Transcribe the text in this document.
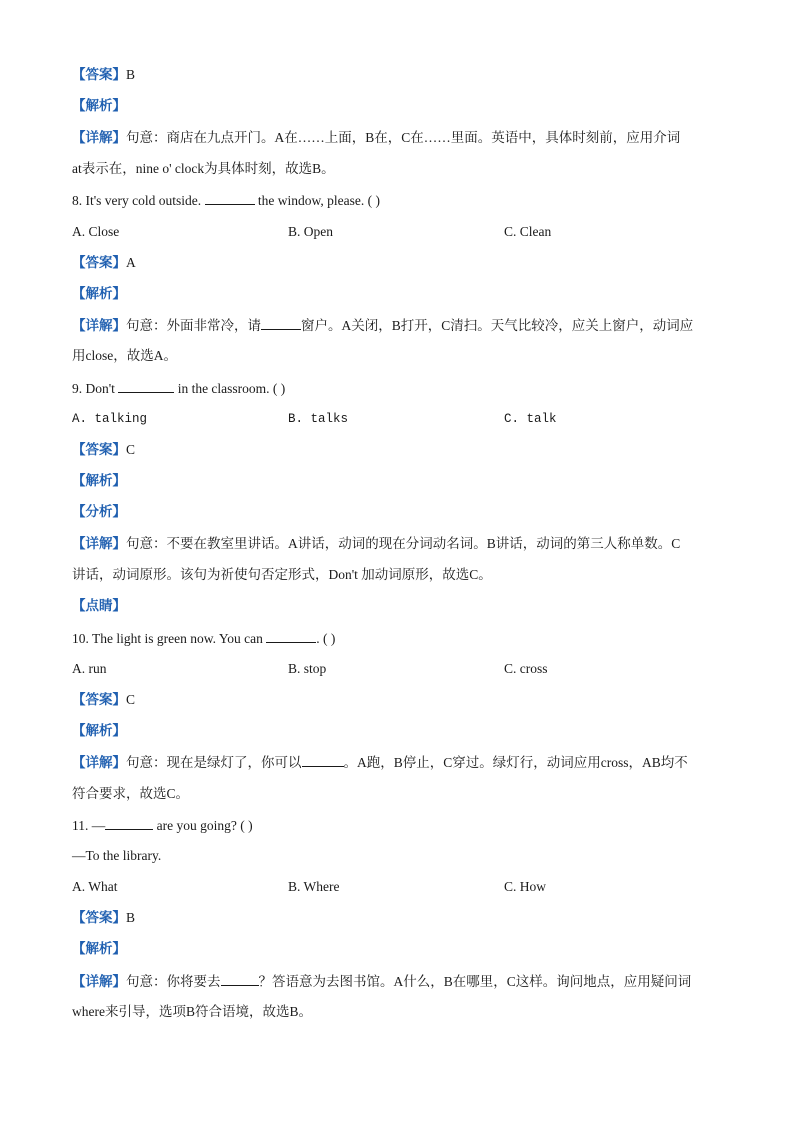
【答案】B
【解析】
【详解】句意：商店在九点开门。A在……上面，B在，C在……里面。英语中，具体时刻前，应用介词
at表示在，nine o' clock为具体时刻，故选B。
8. It's very cold outside.	the window, please. ( )
A. Close	B. Open	C. Clean
【答案】A
【解析】
【详解】句意：外面非常冷，请	窗户。A关闭，B打开，C清扫。天气比较冷，应关上窗户，动词应
用close，故选A。
9. Don't	in the classroom. ( )
A. talking	B. talks	C. talk
【答案】C
【解析】
【分析】
【详解】句意：不要在教室里讲话。A讲话，动词的现在分词动名词。B讲话，动词的第三人称单数。C
讲话，动词原形。该句为祈使句否定形式，Don't 加动词原形，故选C。
【点睛】
10. The light is green now. You can	. ( )
A. run	B. stop	C. cross
【答案】C
【解析】
【详解】句意：现在是绿灯了，你可以	。A跑，B停止，C穿过。绿灯行，动词应用cross，AB均不
符合要求，故选C。
11. —	are you going? ( )
—To the library.
A. What	B. Where	C. How
【答案】B
【解析】
【详解】句意：你将要去	？答语意为去图书馆。A什么，B在哪里，C这样。询问地点，应用疑问词
where来引导，选项B符合语境，故选B。
